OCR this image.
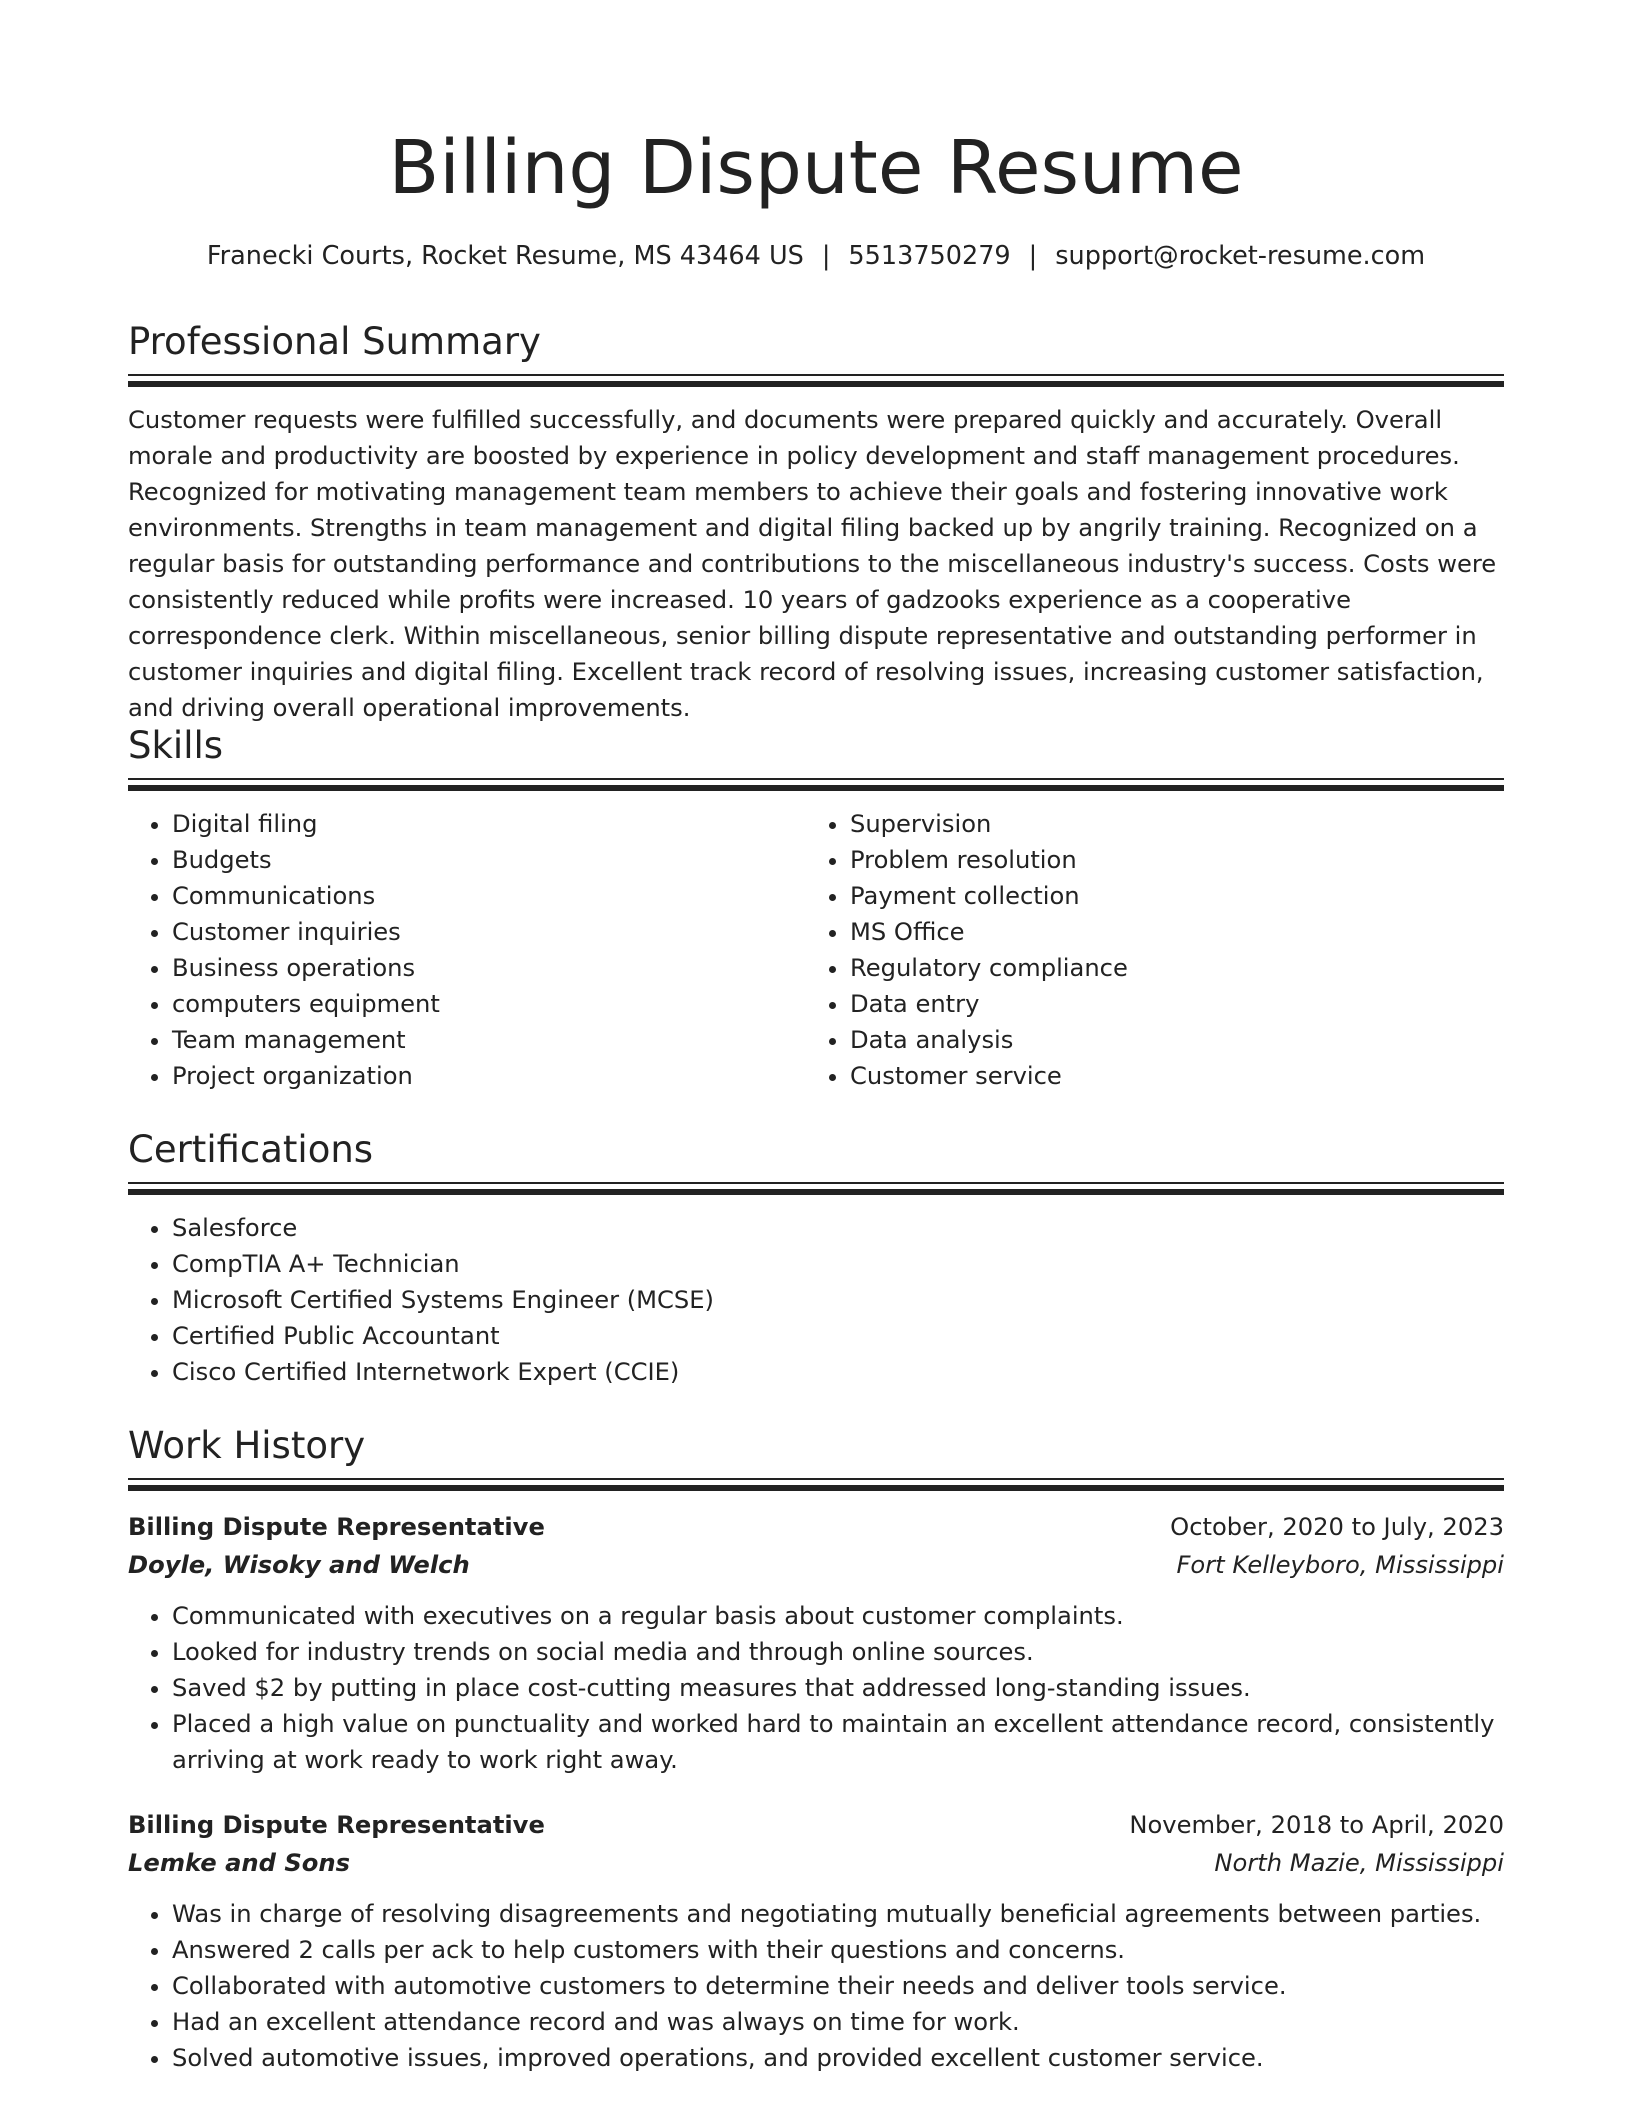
Billing Dispute Resume
Franecki Courts, Rocket Resume, MS 43464 US | 5513750279 | support@rocket-resume.com
Professional Summary

Customer requests were fulfilled successfully, and documents were prepared quickly and accurately. Overall morale and productivity are boosted by experience in policy development and staff management procedures. Recognized for motivating management team members to achieve their goals and fostering innovative work environments. Strengths in team management and digital filing backed up by angrily training. Recognized on a regular basis for outstanding performance and contributions to the miscellaneous industry's success. Costs were consistently reduced while profits were increased. 10 years of gadzooks experience as a cooperative correspondence clerk. Within miscellaneous, senior billing dispute representative and outstanding performer in customer inquiries and digital filing. Excellent track record of resolving issues, increasing customer satisfaction, and driving overall operational improvements.

Skills
• Digital filing
• Budgets
• Communications
• Customer inquiries
• Business operations
• computers equipment
• Team management
• Project organization
• Supervision
• Problem resolution
• Payment collection
• MS Office
• Regulatory compliance
• Data entry
• Data analysis
• Customer service
Certifications
• Salesforce
• CompTIA A+ Technician
• Microsoft Certified Systems Engineer (MCSE)
• Certified Public Accountant
• Cisco Certified Internetwork Expert (CCIE)
Work History
Billing Dispute Representative	October, 2020 to July, 2023
Doyle, Wisoky and Welch	Fort Kelleyboro, Mississippi
• Communicated with executives on a regular basis about customer complaints.
• Looked for industry trends on social media and through online sources.
• Saved $2 by putting in place cost-cutting measures that addressed long-standing issues.
• Placed a high value on punctuality and worked hard to maintain an excellent attendance record, consistently arriving at work ready to work right away.
Billing Dispute Representative	November, 2018 to April, 2020
Lemke and Sons	North Mazie, Mississippi
• Was in charge of resolving disagreements and negotiating mutually beneficial agreements between parties.
• Answered 2 calls per ack to help customers with their questions and concerns.
• Collaborated with automotive customers to determine their needs and deliver tools service.
• Had an excellent attendance record and was always on time for work.
• Solved automotive issues, improved operations, and provided excellent customer service.
